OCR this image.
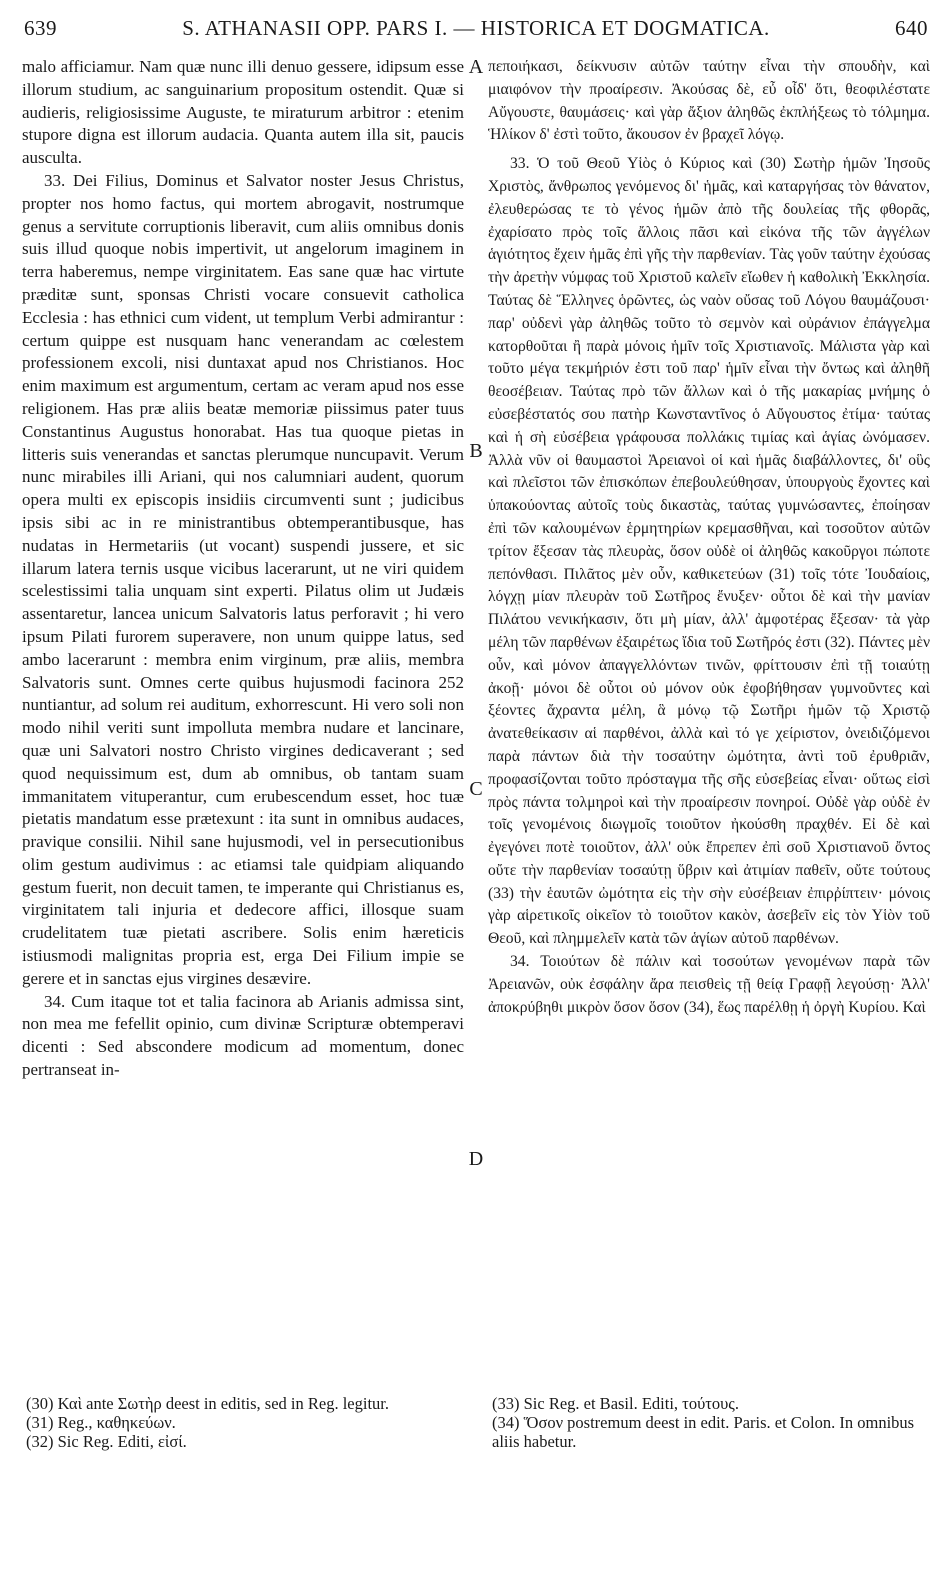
639	S. ATHANASII OPP. PARS I. — HISTORICA ET DOGMATICA.	640

malo afficiamur. Nam quæ nunc illi denuo gessere, idipsum esse illorum studium, ac sanguinarium propositum ostendit. Quæ si audieris, religiosissime Auguste, te miraturum arbitror : etenim stupore digna est illorum audacia. Quanta autem illa sit, paucis ausculta.

33. Dei Filius, Dominus et Salvator noster Jesus Christus, propter nos homo factus, qui mortem abrogavit, nostrumque genus a servitute corruptionis liberavit, cum aliis omnibus donis suis illud quoque nobis impertivit, ut angelorum imaginem in terra haberemus, nempe virginitatem. Eas sane quæ hac virtute præditæ sunt, sponsas Christi vocare consuevit catholica Ecclesia : has ethnici cum vident, ut templum Verbi admirantur : certum quippe est nusquam hanc venerandam ac cœlestem professionem excoli, nisi duntaxat apud nos Christianos. Hoc enim maximum est argumentum, certam ac veram apud nos esse religionem. Has præ aliis beatæ memoriæ piissimus pater tuus Constantinus Augustus honorabat. Has tua quoque pietas in litteris suis venerandas et sanctas plerumque nuncupavit. Verum nunc mirabiles illi Ariani, qui nos calumniari audent, quorum opera multi ex episcopis insidiis circumventi sunt ; judicibus ipsis sibi ac in re ministrantibus obtemperantibusque, has nudatas in Hermetariis (ut vocant) suspendi jussere, et sic illarum latera ternis usque vicibus lacerarunt, ut ne viri quidem scelestissimi talia unquam sint experti. Pilatus olim ut Judæis assentaretur, lancea unicum Salvatoris latus perforavit ; hi vero ipsum Pilati furorem superavere, non unum quippe latus, sed ambo lacerarunt : membra enim virginum, præ aliis, membra Salvatoris sunt. Omnes certe quibus hujusmodi facinora 252 nuntiantur, ad solum rei auditum, exhorrescunt. Hi vero soli non modo nihil veriti sunt impolluta membra nudare et lancinare, quæ uni Salvatori nostro Christo virgines dedicaverant ; sed quod nequissimum est, dum ab omnibus, ob tantam suam immanitatem vituperantur, cum erubescendum esset, hoc tuæ pietatis mandatum esse prætexunt : ita sunt in omnibus audaces, pravique consilii. Nihil sane hujusmodi, vel in persecutionibus olim gestum audivimus : ac etiamsi tale quidpiam aliquando gestum fuerit, non decuit tamen, te imperante qui Christianus es, virginitatem tali injuria et dedecore affici, illosque suam crudelitatem tuæ pietati ascribere. Solis enim hæreticis istiusmodi malignitas propria est, erga Dei Filium impie se gerere et in sanctas ejus virgines desævire.

34. Cum itaque tot et talia facinora ab Arianis admissa sint, non mea me fefellit opinio, cum divinæ Scripturæ obtemperavi dicenti : Sed abscondere modicum ad momentum, donec pertranseat in-

A
B
C
D

πεποιήκασι, δείκνυσιν αὐτῶν ταύτην εἶναι τὴν σπουδὴν, καὶ μιαιφόνον τὴν προαίρεσιν. Ἀκούσας δὲ, εὖ οἶδ' ὅτι, θεοφιλέστατε Αὔγουστε, θαυμάσεις· καὶ γὰρ ἄξιον ἀληθῶς ἐκπλήξεως τὸ τόλμημα. Ἡλίκον δ' ἐστὶ τοῦτο, ἄκουσον ἐν βραχεῖ λόγῳ.

33. Ὁ τοῦ Θεοῦ Υἱὸς ὁ Κύριος καὶ (30) Σωτὴρ ἡμῶν Ἰησοῦς Χριστὸς, ἄνθρωπος γενόμενος δι' ἡμᾶς, καὶ καταργήσας τὸν θάνατον, ἐλευθερώσας τε τὸ γένος ἡμῶν ἀπὸ τῆς δουλείας τῆς φθορᾶς, ἐχαρίσατο πρὸς τοῖς ἄλλοις πᾶσι καὶ εἰκόνα τῆς τῶν ἀγγέλων ἁγιότητος ἔχειν ἡμᾶς ἐπὶ γῆς τὴν παρθενίαν. Τὰς γοῦν ταύτην ἐχούσας τὴν ἀρετὴν νύμφας τοῦ Χριστοῦ καλεῖν εἴωθεν ἡ καθολικὴ Ἐκκλησία. Ταύτας δὲ Ἕλληνες ὁρῶντες, ὡς ναὸν οὔσας τοῦ Λόγου θαυμάζουσι· παρ' οὐδενὶ γὰρ ἀληθῶς τοῦτο τὸ σεμνὸν καὶ οὐράνιον ἐπάγγελμα κατορθοῦται ἢ παρὰ μόνοις ἡμῖν τοῖς Χριστιανοῖς. Μάλιστα γὰρ καὶ τοῦτο μέγα τεκμήριόν ἐστι τοῦ παρ' ἡμῖν εἶναι τὴν ὄντως καὶ ἀληθῆ θεοσέβειαν. Ταύτας πρὸ τῶν ἄλλων καὶ ὁ τῆς μακαρίας μνήμης ὁ εὐσεβέστατός σου πατὴρ Κωνσταντῖνος ὁ Αὔγουστος ἐτίμα· ταύτας καὶ ἡ σὴ εὐσέβεια γράφουσα πολλάκις τιμίας καὶ ἁγίας ὠνόμασεν. Ἀλλὰ νῦν οἱ θαυμαστοὶ Ἀρειανοὶ οἱ καὶ ἡμᾶς διαβάλλοντες, δι' οὓς καὶ πλεῖστοι τῶν ἐπισκόπων ἐπεβουλεύθησαν, ὑπουργοὺς ἔχοντες καὶ ὑπακούοντας αὐτοῖς τοὺς δικαστὰς, ταύτας γυμνώσαντες, ἐποίησαν ἐπὶ τῶν καλουμένων ἑρμητηρίων κρεμασθῆναι, καὶ τοσοῦτον αὐτῶν τρίτον ἔξεσαν τὰς πλευρὰς, ὅσον οὐδὲ οἱ ἀληθῶς κακοῦργοι πώποτε πεπόνθασι. Πιλᾶτος μὲν οὖν, καθικετεύων (31) τοῖς τότε Ἰουδαίοις, λόγχῃ μίαν πλευρὰν τοῦ Σωτῆρος ἔνυξεν· οὗτοι δὲ καὶ τὴν μανίαν Πιλάτου νενικήκασιν, ὅτι μὴ μίαν, ἀλλ' ἀμφοτέρας ἔξεσαν· τὰ γὰρ μέλη τῶν παρθένων ἐξαιρέτως ἴδια τοῦ Σωτῆρός ἐστι (32). Πάντες μὲν οὖν, καὶ μόνον ἀπαγγελλόντων τινῶν, φρίττουσιν ἐπὶ τῇ τοιαύτῃ ἀκοῇ· μόνοι δὲ οὗτοι οὐ μόνον οὐκ ἐφοβήθησαν γυμνοῦντες καὶ ξέοντες ἄχραντα μέλη, ἃ μόνῳ τῷ Σωτῆρι ἡμῶν τῷ Χριστῷ ἀνατεθείκασιν αἱ παρθένοι, ἀλλὰ καὶ τό γε χείριστον, ὀνειδιζόμενοι παρὰ πάντων διὰ τὴν τοσαύτην ὠμότητα, ἀντὶ τοῦ ἐρυθριᾶν, προφασίζονται τοῦτο πρόσταγμα τῆς σῆς εὐσεβείας εἶναι· οὕτως εἰσὶ πρὸς πάντα τολμηροὶ καὶ τὴν προαίρεσιν πονηροί. Οὐδὲ γὰρ οὐδὲ ἐν τοῖς γενομένοις διωγμοῖς τοιοῦτον ἠκούσθη πραχθέν. Εἰ δὲ καὶ ἐγεγόνει ποτὲ τοιοῦτον, ἀλλ' οὐκ ἔπρεπεν ἐπὶ σοῦ Χριστιανοῦ ὄντος οὔτε τὴν παρθενίαν τοσαύτῃ ὕβριν καὶ ἀτιμίαν παθεῖν, οὔτε τούτους (33) τὴν ἑαυτῶν ὠμότητα εἰς τὴν σὴν εὐσέβειαν ἐπιρῤίπτειν· μόνοις γὰρ αἱρετικοῖς οἰκεῖον τὸ τοιοῦτον κακὸν, ἀσεβεῖν εἰς τὸν Υἱὸν τοῦ Θεοῦ, καὶ πλημμελεῖν κατὰ τῶν ἁγίων αὐτοῦ παρθένων.

34. Τοιούτων δὲ πάλιν καὶ τοσούτων γενομένων παρὰ τῶν Ἀρειανῶν, οὐκ ἐσφάλην ἄρα πεισθεὶς τῇ θείᾳ Γραφῇ λεγούσῃ· Ἀλλ' ἀποκρύβηθι μικρὸν ὅσον ὅσον (34), ἕως παρέλθῃ ἡ ὀργὴ Κυρίου. Καὶ

(30) Καὶ ante Σωτὴρ deest in editis, sed in Reg. legitur.
(31) Reg., καθηκεύων.
(32) Sic Reg. Editi, εἰσί.
(33) Sic Reg. et Basil. Editi, τούτους.
(34) Ὅσον postremum deest in edit. Paris. et Colon. In omnibus aliis habetur.
